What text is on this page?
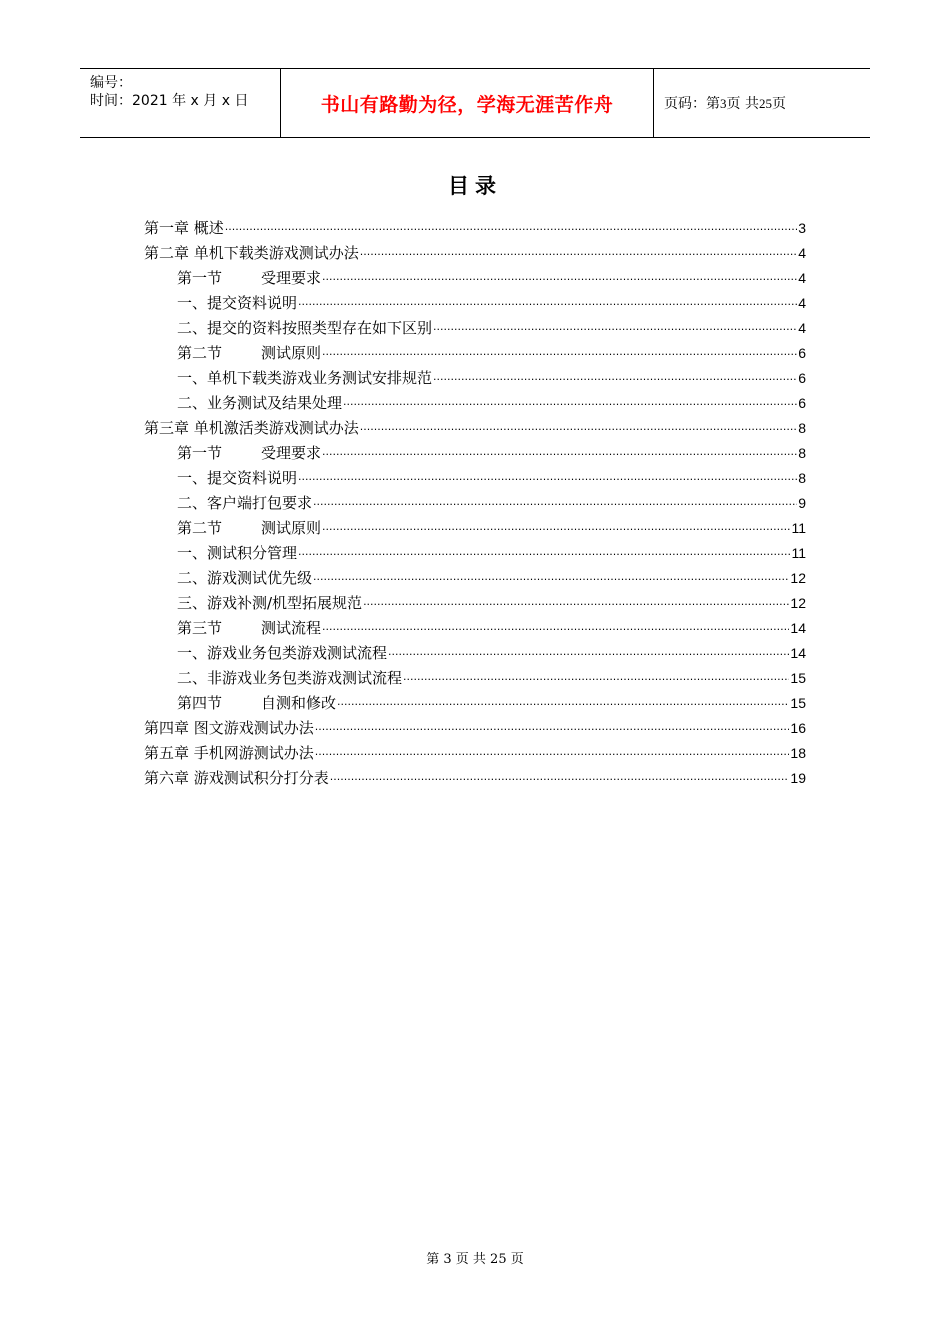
编号：
时间：2021 年 x 月 x 日	书山有路勤为径，学海无涯苦作舟	页码：第3页 共25页
目录
第一章 概述 .....	3
第二章 单机下载类游戏测试办法 .....	4
第一节	受理要求 .....	4
一、提交资料说明 .....	4
二、提交的资料按照类型存在如下区别 .....	4
第二节	测试原则 .....	6
一、单机下载类游戏业务测试安排规范 .....	6
二、业务测试及结果处理 .....	6
第三章 单机激活类游戏测试办法 .....	8
第一节	受理要求 .....	8
一、提交资料说明 .....	8
二、客户端打包要求 .....	9
第二节	测试原则 .....	11
一、测试积分管理 .....	11
二、游戏测试优先级 .....	12
三、游戏补测/机型拓展规范 .....	12
第三节	测试流程 .....	14
一、游戏业务包类游戏测试流程 .....	14
二、非游戏业务包类游戏测试流程 .....	15
第四节	自测和修改 .....	15
第四章 图文游戏测试办法 .....	16
第五章 手机网游测试办法 .....	18
第六章 游戏测试积分打分表 .....	19
第 3 页 共 25 页
